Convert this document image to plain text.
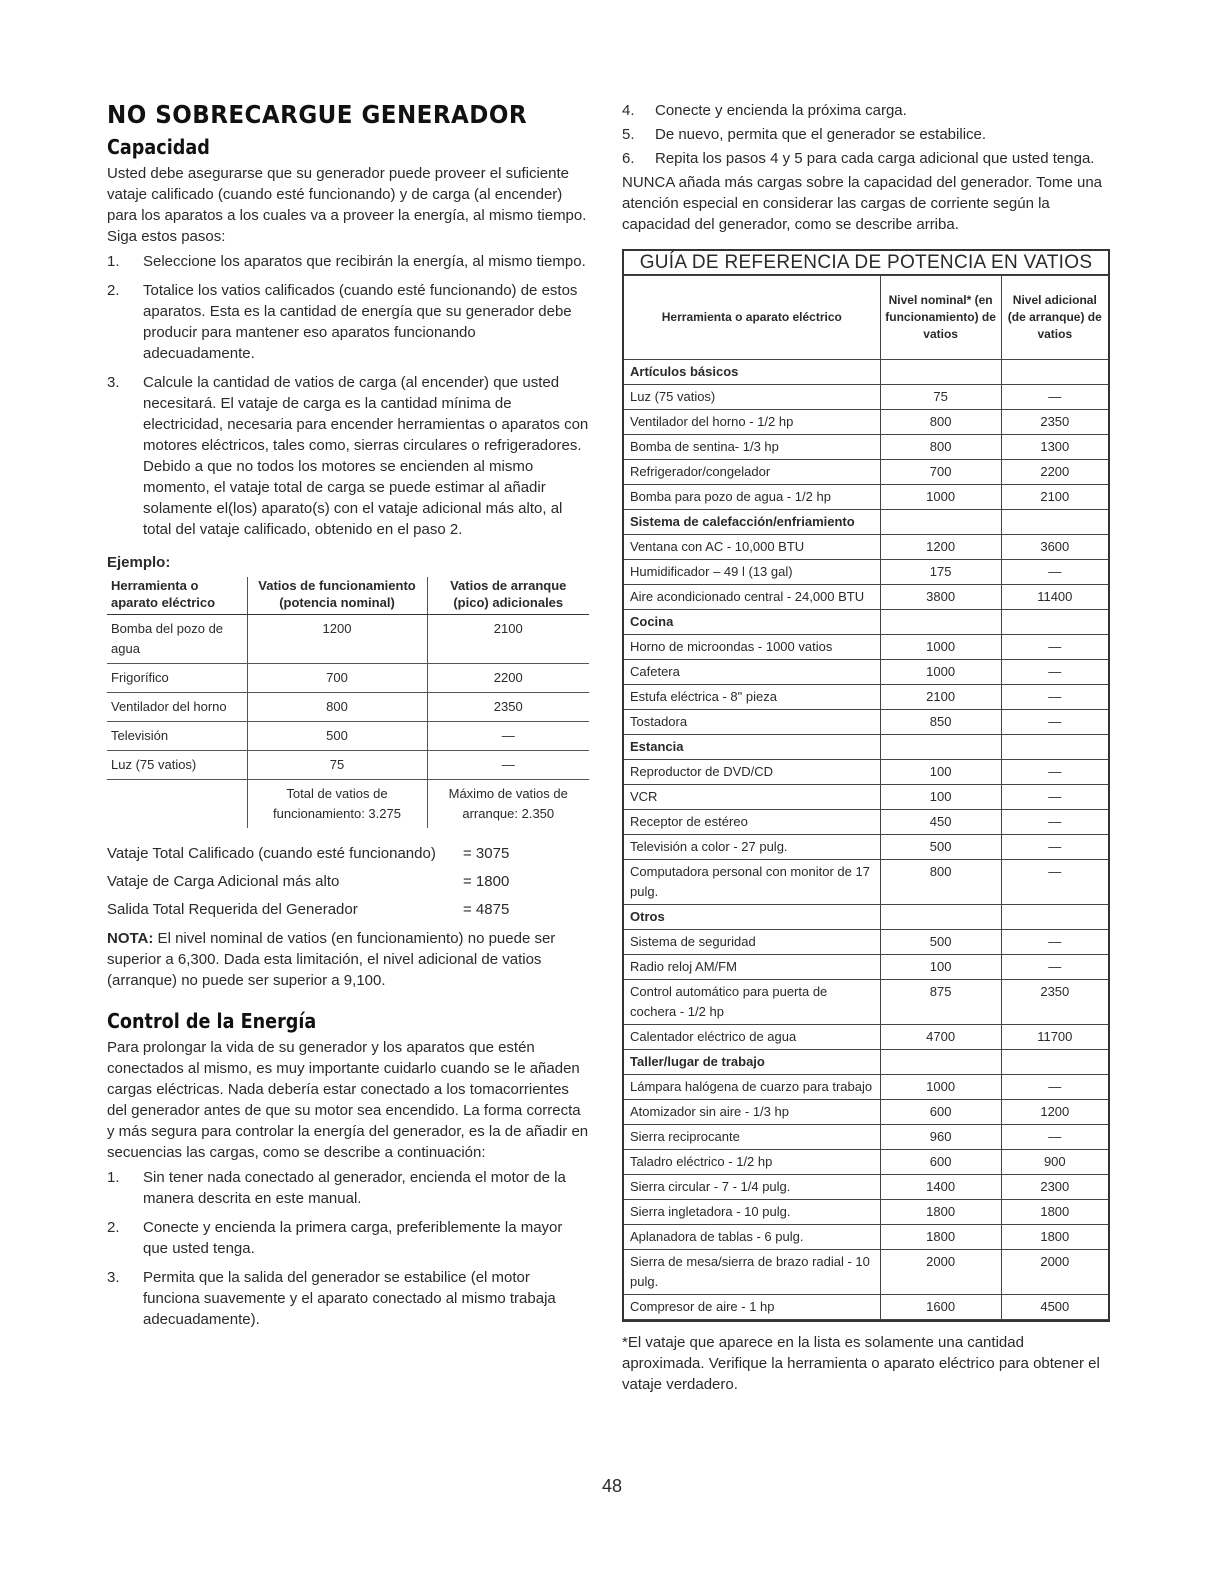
NO SOBRECARGUE GENERADOR
Capacidad

Usted debe asegurarse que su generador puede proveer el suficiente vataje calificado (cuando esté funcionando) y de carga (al encender) para los aparatos a los cuales va a proveer la energía, al mismo tiempo. Siga estos pasos:

1. Seleccione los aparatos que recibirán la energía, al mismo tiempo.
2. Totalice los vatios calificados (cuando esté funcionando) de estos aparatos. Esta es la cantidad de energía que su generador debe producir para mantener eso aparatos funcionando adecuadamente.
3. Calcule la cantidad de vatios de carga (al encender) que usted necesitará. El vataje de carga es la cantidad mínima de electricidad, necesaria para encender herramientas o aparatos con motores eléctricos, tales como, sierras circulares o refrigeradores. Debido a que no todos los motores se encienden al mismo momento, el vataje total de carga se puede estimar al añadir solamente el(los) aparato(s) con el vataje adicional más alto, al total del vataje calificado, obtenido en el paso 2.
Ejemplo:
Herramienta o aparato eléctrico	Vatios de funcionamiento (potencia nominal)	Vatios de arranque (pico) adicionales
Bomba del pozo de agua	1200	2100
Frigorífico	700	2200
Ventilador del horno	800	2350
Televisión	500	—
Luz (75 vatios)	75	—
	Total de vatios de funcionamiento: 3.275	Máximo de vatios de arranque: 2.350
Vataje Total Calificado (cuando esté funcionando) = 3075
Vataje de Carga Adicional más alto	= 1800
Salida Total Requerida del Generador	= 4875

NOTA: El nivel nominal de vatios (en funcionamiento) no puede ser superior a 6,300. Dada esta limitación, el nivel adicional de vatios (arranque) no puede ser superior a 9,100.

Control de la Energía

Para prolongar la vida de su generador y los aparatos que estén conectados al mismo, es muy importante cuidarlo cuando se le añaden cargas eléctricas. Nada debería estar conectado a los tomacorrientes del generador antes de que su motor sea encendido. La forma correcta y más segura para controlar la energía del generador, es la de añadir en secuencias las cargas, como se describe a continuación:

1. Sin tener nada conectado al generador, encienda el motor de la manera descrita en este manual.
2. Conecte y encienda la primera carga, preferiblemente la mayor que usted tenga.
3. Permita que la salida del generador se estabilice (el motor funciona suavemente y el aparato conectado al mismo trabaja adecuadamente).
4. Conecte y encienda la próxima carga.
5. De nuevo, permita que el generador se estabilice.
6. Repita los pasos 4 y 5 para cada carga adicional que usted tenga.

NUNCA añada más cargas sobre la capacidad del generador. Tome una atención especial en considerar las cargas de corriente según la capacidad del generador, como se describe arriba.

GUÍA DE REFERENCIA DE POTENCIA EN VATIOS
Herramienta o aparato eléctrico	Nivel nominal* (en funcionamiento) de vatios	Nivel adicional (de arranque) de vatios
Artículos básicos		
Luz (75 vatios)	75	—
Ventilador del horno - 1/2 hp	800	2350
Bomba de sentina- 1/3 hp	800	1300
Refrigerador/congelador	700	2200
Bomba para pozo de agua - 1/2 hp	1000	2100
Sistema de calefacción/enfriamiento		
Ventana con AC - 10,000 BTU	1200	3600
Humidificador – 49 l (13 gal)	175	—
Aire acondicionado central - 24,000 BTU	3800	11400
Cocina		
Horno de microondas - 1000 vatios	1000	—
Cafetera	1000	—
Estufa eléctrica - 8" pieza	2100	—
Tostadora	850	—
Estancia		
Reproductor de DVD/CD	100	—
VCR	100	—
Receptor de estéreo	450	—
Televisión a color - 27 pulg.	500	—
Computadora personal con monitor de 17 pulg.	800	—
Otros		
Sistema de seguridad	500	—
Radio reloj AM/FM	100	—
Control automático para puerta de cochera - 1/2 hp	875	2350
Calentador eléctrico de agua	4700	11700
Taller/lugar de trabajo		
Lámpara halógena de cuarzo para trabajo	1000	—
Atomizador sin aire - 1/3 hp	600	1200
Sierra reciprocante	960	—
Taladro eléctrico - 1/2 hp	600	900
Sierra circular - 7 - 1/4 pulg.	1400	2300
Sierra ingletadora - 10 pulg.	1800	1800
Aplanadora de tablas - 6 pulg.	1800	1800
Sierra de mesa/sierra de brazo radial - 10 pulg.	2000	2000
Compresor de aire - 1 hp	1600	4500

*El vataje que aparece en la lista es solamente una cantidad aproximada. Verifique la herramienta o aparato eléctrico para obtener el vataje verdadero.

48
